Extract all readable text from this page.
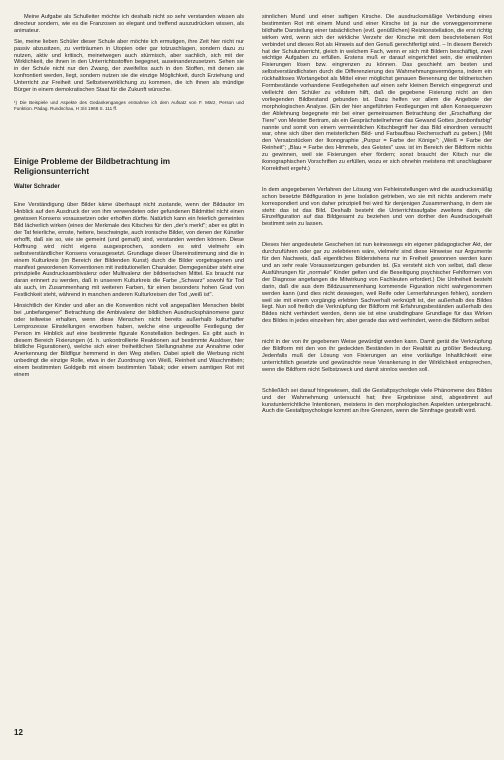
Meine Aufgabe als Schulleiter möchte ich deshalb nicht so sehr verstanden wissen als directeur sondern, wie es die Franzosen so elegant und treffend auszudrücken wissen, als animateur.

Sie, meine lieben Schüler dieser Schule aber möchte ich ermutigen, ihre Zeit hier nicht nur passiv abzusitzen, zu vertträumen in Utopien oder gar totzuschlagen, sondern dazu zu nutzen, aktiv und kritisch, meinetwegen auch stürmisch, aber sachlich, sich mit der Wirklichkeit, die ihnen in den Unterrichtsstoffen begegnet, auseinanderzusetzen. Sehen sie in der Schule nicht nur den Zwang, der zweifellos auch in den Stoffen, mit denen sie konfrontiert werden, liegt, sondern nutzen sie die einzige Möglichkeit, durch Erziehung und Unterricht zur Freiheit und Selbstverwirklichung zu kommen, die ich ihnen als mündige Bürger in einem demokratischen Staat für die Zukunft wünsche.

¹) Die Beispiele und Aspekte des Gedankenganges entnahme ich dem Aufsatz von F. März, Person und Funktion. Pädag. Rundschau, H 3/4 1968 S. 111 ff.

Einige Probleme der Bildbetrachtung im Religionsunterricht
Walter Schrader

Eine Verständigung über Bilder käme überhaupt nicht zustande, wenn der Bildautor im Hinblick auf den Ausdruck der von ihm verwendeten oder gefundenen Bildmittel nicht einen gewissen Konsens voraussetzen oder erhoffen dürfte. Natürlich kann ein feierlich gemeintes Bild lächerlich wirken (eines der Merkmale des Kitsches für den „der's merkt"; aber es gibt in der Tat feierliche, ernste, heitere, beschwingte, auch ironische Bilder, von denen der Künstler erhofft, daß sie so, wie sie gemeint (und gemalt) sind, verstanden werden können. Diese Hoffnung wird nicht eigens ausgesprochen, sondern es wird vielmehr ein selbstverständlicher Konsens vorausgesetzt. Grundlage dieser Übereinstimmung sind die in einem Kulturkreis (im Bereich der Bildenden Kunst) durch die Bilder vorgetragenen und manifest gewordenen Konventionen mit institutionellen Charakter. Demgegenüber steht eine prinzipielle Ausdrucksambivalenz oder Multivalenz der bildnerischen Mittel. Es braucht nur daran erinnert zu werden, daß in unserem Kulturkreis die Farbe „Schwarz" sowohl für Tod als auch, im Zusammenhang mit weiteren Farben, für einen besonders hohen Grad von Festlichkeit steht, während in manchen anderen Kulturkreisen der Tod „weiß ist".

Hinsichtlich der Kinder und aller an die Konvention nicht voll angepaßten Menschen bleibt bei „unbefangener" Betrachtung die Ambivalenz der bildlichen Ausdrucksphänomene ganz oder teilweise erhalten, wenn diese Menschen nicht bereits außerhalb kulturhafter Lernprozesse Einstellungen erworben haben, welche eine ungewollte Festlegung der Person im Hinblick auf eine bestimmte figurale Konstellation bedingen. Es gibt auch in diesem Bereich Fixierungen (d. h. unkontrollierte Reaktionen auf bestimmte Auslöser, hier bildliche Figurationen), welche sich einer freiheitlichen Stellungnahme zur Annahme oder Anerkennung der Bildfigur hemmend in den Weg stellen. Dabei spielt die Werbung nicht unbedingt die einzige Rolle, etwa in der Zuordnung von Weiß, Reinheit und Waschmitteln; einem bestimmten Goldgelb mit einem bestimmten Tabak; oder einem samtigen Rot mit einem

sinnlichen Mund und einer saftigen Kirsche. Die ausdrucksmäßige Verbindung eines bestimmten Rot mit einem Mund und einer Kirsche ist ja nur die vorweggenommene bildhafte Darstellung einer tatsächlichen (evtl. genüßlichen) Reizkonstellation, die erst richtig wirken wird, wenn sich der wirkliche Verzehr der Kirsche mit dem beschriebenen Rot verbindet und dieses Rot als Hinweis auf den Genuß gerechtfertigt wird. – In diesem Bereich hat der Schulunterricht, gleich in welchem Fach, wenn er sich mit Bildern beschäftigt, zwei wichtige Aufgaben zu erfüllen. Erstens muß er darauf eingerichtet sein, die erwähnten Fixierungen lösen bzw. eingrenzen zu können. Das geschieht am besten und selbstverständlichsten durch die Differenzierung des Wahrnehmungsvermögens, indem ein rückhaltloses Wortangebot als Mittel einer möglichst genauen Benennung der bildnerischen Formbestände vorhandene Festlegeheiten auf einen sehr kleinen Bereich eingegrenzt und vielleicht den Schüler zu völlstem hilft, daß die gegebene Fixierung nicht an den vorliegenden Bildbestand gebunden ist. Dazu helfen vor allem die Angebote der morphologischen Analyse. (Ein der hier angeführten Festlegungen mit allen Konsequenzen der Ablehnung begegnete mir bei einer gemeinsamen Betrachtung der „Erschaffung der Tiere" von Meister Bertram, als ein Gesprächsteilnehmer das Gewand Gottes „bonbonfarbig" nannte und somit von einem vermeintlichen Kitschbegriff her das Bild einordnen versucht war, ohne sich über den meisterlichen Bild- und Farbaufbau Rechenschaft zu geben.) (Mit den Versatzstücken der Ikonographie „Purpur = Farbe der Könige"; „Weiß = Farbe der Reinheit"; „Blau = Farbe des Himmels, des Geistes" usw. ist im Bereich der Bildform nichts zu gewinnen, weil sie Fixierungen eher fördern; sonst braucht der Kitsch nur die ikonographischen Vorschriften zu erfüllen, wozu er sich ohnehin meistens mit unschlagbarer Korrektheit ergeht.)

In dem angegebenen Verfahren der Lösung von Fehleinstellungen wird die ausdrucksmäßig schon besetzte Bildfiguration in jene Isolation getrieben, wo sie mit nichts anderem mehr korrespondiert und von daher prinzipiell frei wird für denjenigen Zusammenhang, in dem sie steht: das ist das Bild. Deshalb besteht die Unterrichtsaufgabe zweitens darin, die Einzelfiguration auf das Bildgesamt zu beziehen und von dorther den Ausdrucksgehalt bestimmt sein zu lassen.

Dieses hier angedeutete Geschehen ist nun keineswegs ein eigener pädagogischer Akt, der durchzuführen oder gar zu zelebrieren wäre, vielmehr sind diese Hinweise nur Argumente für den Nachweis, daß eigentliches Bilderstehens nur in Freiheit gewonnen werden kann und an sehr reale Voraussetzungen gebunden ist. (Es versteht sich von selbst, daß diese Ausführungen für „normale" Kinder gelten und die Beseitigung psychischer Fehlformen von der Diagnose angefangen die Mitwirkung von Fachleuten erfordert.) Die Unfreiheit besteht darin, daß die aus dem Bildzusammenhang kommende Figuration nicht wahrgenommen werden kann (und dies nicht deswegen, weil Reife oder Lernerfahrungen fehlen), sondern weil sie mit einem vorgängig erlebten Sachverhalt verknüpft ist, der außerhalb des Bildes liegt. Nun soll freilich die Verknüpfung der Bildform mit Erfahrungsbeständen außerhalb des Bildes nicht verhindert werden, denn sie ist eine unabdingbare Grundlage für das Wirken des Bildes in jedes einzelnen hin; aber gerade das wird verhindert, wenn die Bildform selbst

nicht in der von ihr gegebenen Weise gewürdigt werden kann. Damit gerät die Verknüpfung der Bildform mit den von ihr gedeckten Beständen in der Realität zu größter Bedeutung. Jedenfalls muß der Lösung von Fixierungen an eine vorläufige Inhaltlichkeit eine unterrichtlich gesetzte und gewünschte neue Verankerung in der Wirklichkeit entsprechen, wenn die Bildform nicht Selbstzweck und damit sinnlos werden soll.

Schließlich sei darauf hingewiesen, daß die Gestaltpsychologie viele Phänomene des Bildes und der Wahrnehmung untersucht hat; ihre Ergebnisse sind, abgestimmt auf kunstunterrichtliche Intentionen, meistens in den morphologischen Aspekten untergebracht. Auch die Gestaltpsychologie kommt an ihre Grenzen, wenn die Sinnfrage gestellt wird.

12
